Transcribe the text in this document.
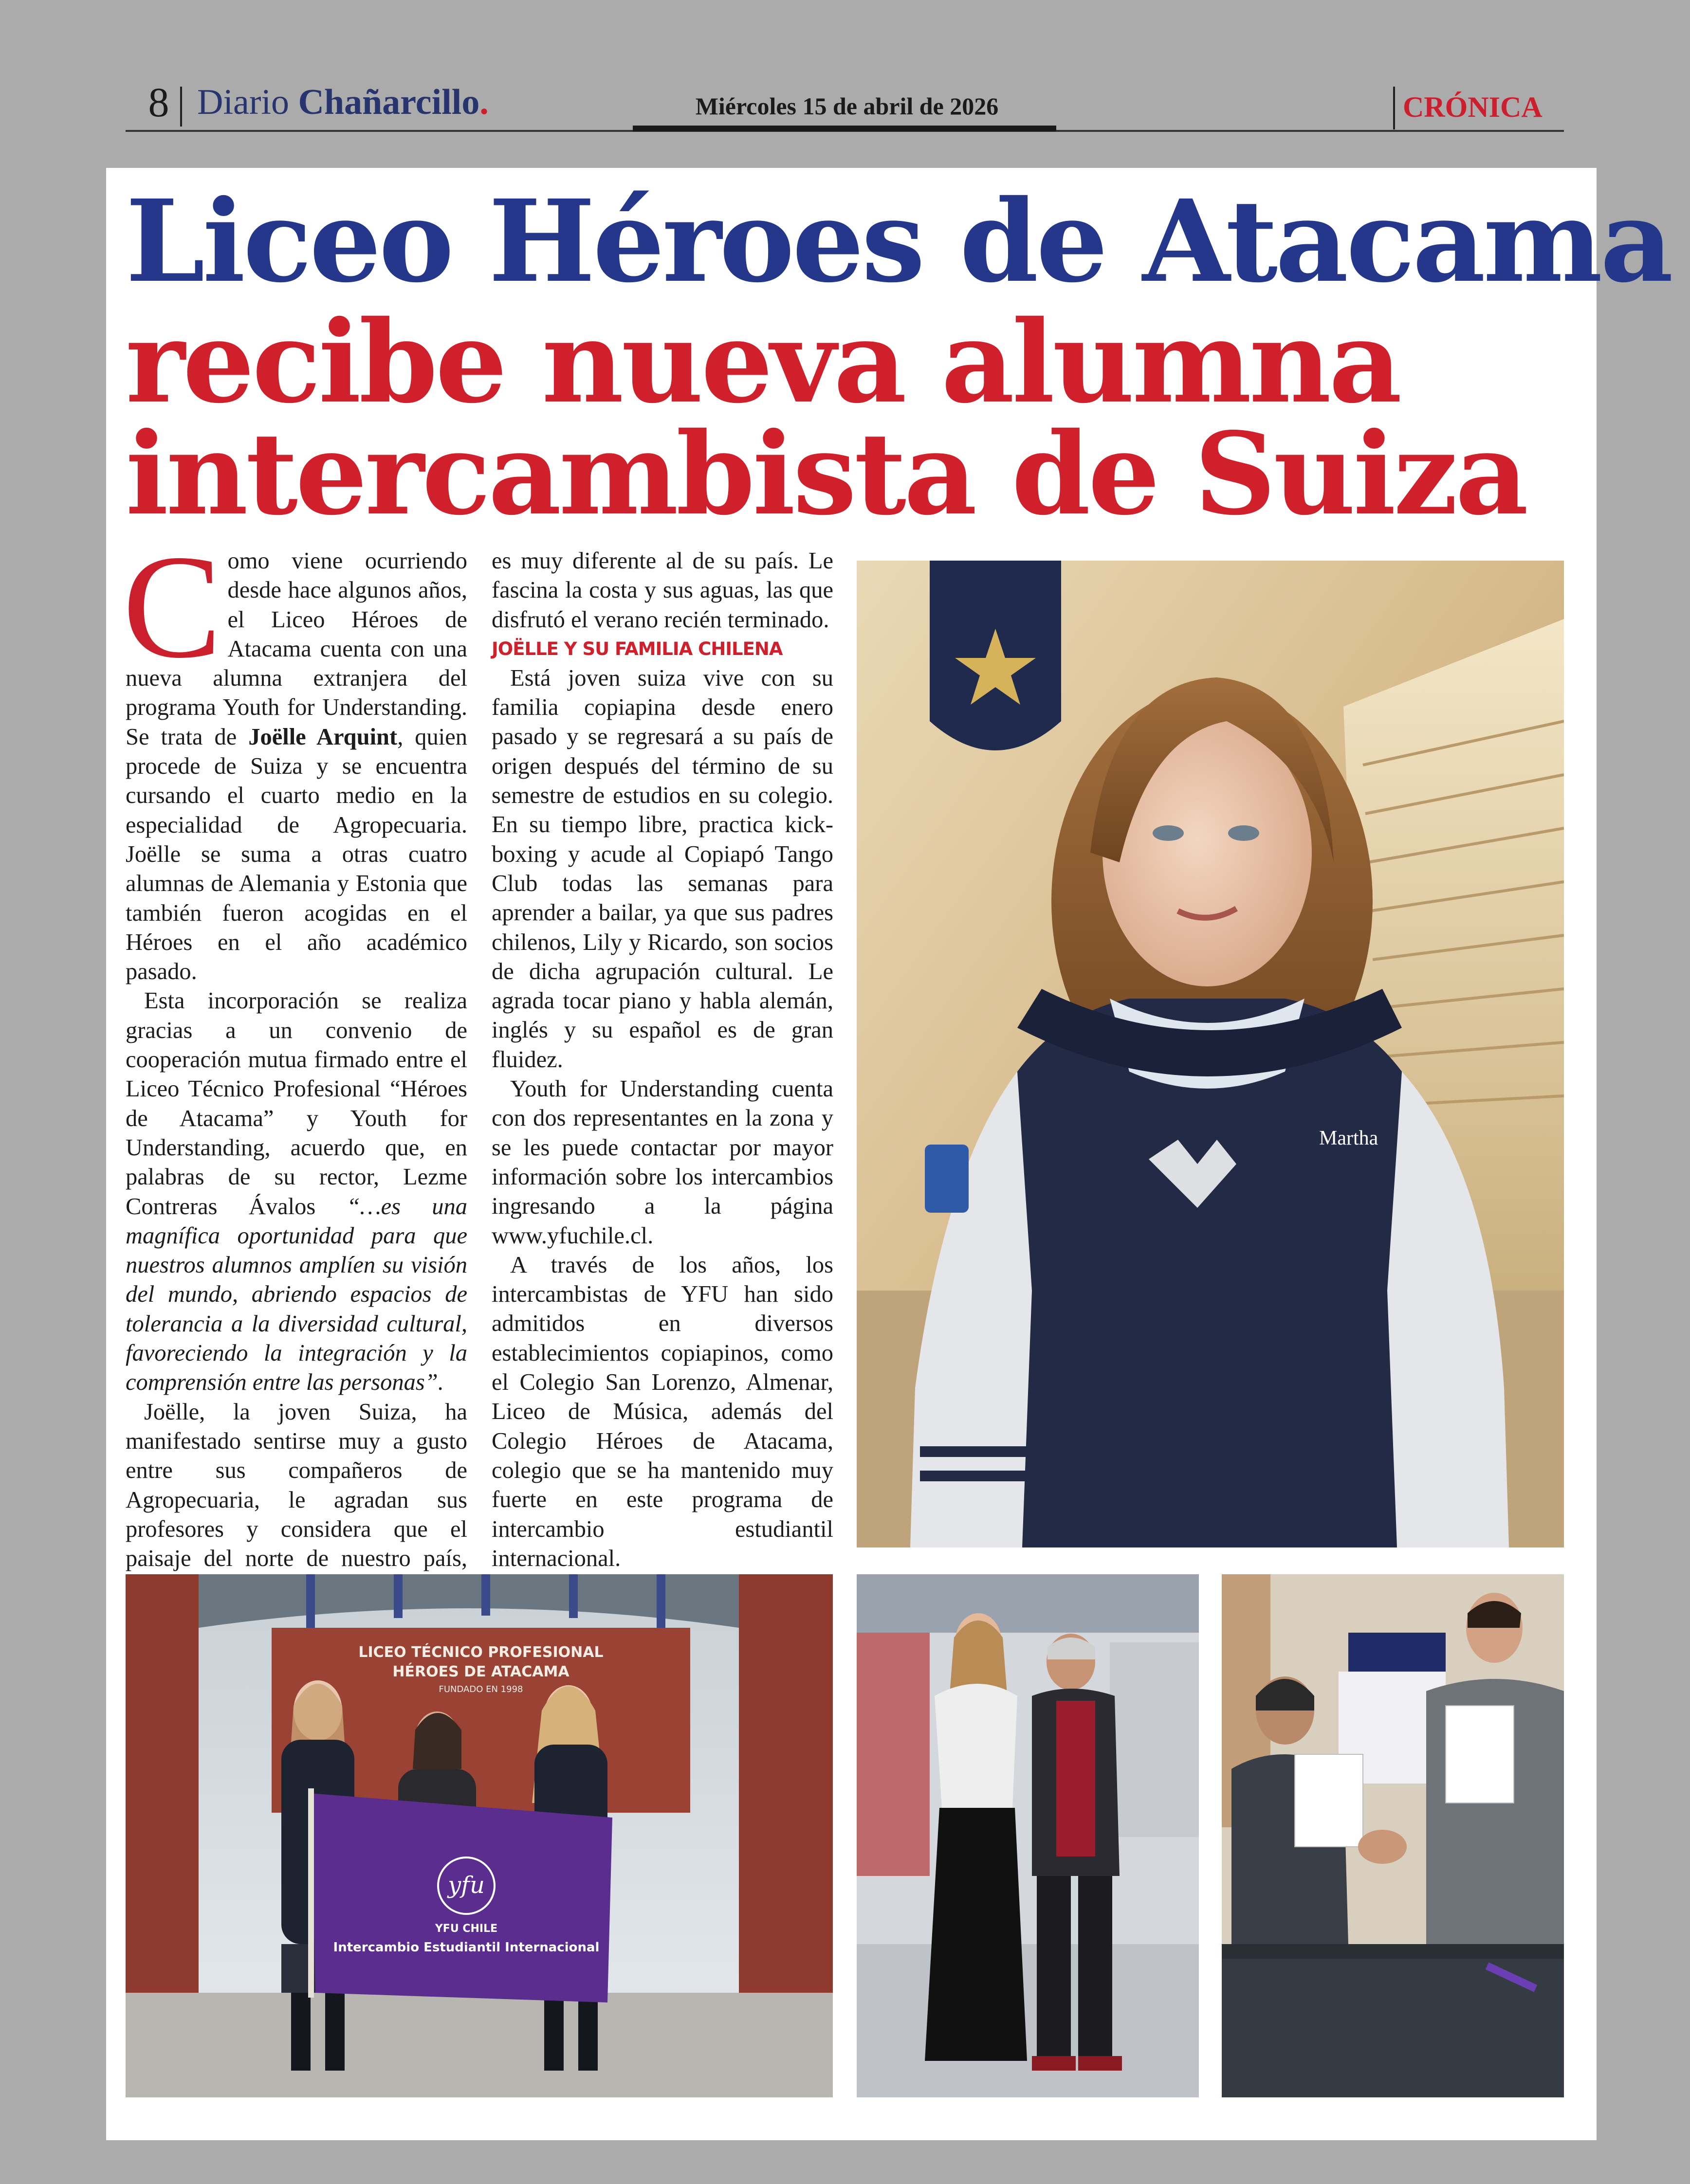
8 Diario Chañarcillo.	Miércoles 15 de abril de 2026	CRÓNICA
Liceo Héroes de Atacama
recibe nueva alumna
intercambista de Suiza

Como viene ocurriendo desde hace algunos años, el Liceo Héroes de Atacama cuenta con una nueva alumna extranjera del programa Youth for Understanding. Se trata de Joëlle Arquint, quien procede de Suiza y se encuentra cursando el cuarto medio en la especialidad de Agropecuaria. Joëlle se suma a otras cuatro alumnas de Alemania y Estonia que también fueron acogidas en el Héroes en el año académico pasado.

Esta incorporación se realiza gracias a un convenio de cooperación mutua firmado entre el Liceo Técnico Profesional “Héroes de Atacama” y Youth for Understanding, acuerdo que, en palabras de su rector, Lezme Contreras Ávalos “…es una magnífica oportunidad para que nuestros alumnos amplíen su visión del mundo, abriendo espacios de tolerancia a la diversidad cultural, favoreciendo la integración y la comprensión entre las personas”.

Joëlle, la joven Suiza, ha manifestado sentirse muy a gusto entre sus compañeros de Agropecuaria, le agradan sus profesores y considera que el paisaje del norte de nuestro país,

es muy diferente al de su país. Le fascina la costa y sus aguas, las que disfrutó el verano recién terminado.

JOËLLE Y SU FAMILIA CHILENA

Está joven suiza vive con su familia copiapina desde enero pasado y se regresará a su país de origen después del término de su semestre de estudios en su colegio. En su tiempo libre, practica kick-boxing y acude al Copiapó Tango Club todas las semanas para aprender a bailar, ya que sus padres chilenos, Lily y Ricardo, son socios de dicha agrupación cultural. Le agrada tocar piano y habla alemán, inglés y su español es de gran fluidez.

Youth for Understanding cuenta con dos representantes en la zona y se les puede contactar por mayor información sobre los intercambios ingresando a la página www.yfuchile.cl.

A través de los años, los intercambistas de YFU han sido admitidos en diversos establecimientos copiapinos, como el Colegio San Lorenzo, Almenar, Liceo de Música, además del Colegio Héroes de Atacama, colegio que se ha mantenido muy fuerte en este programa de intercambio estudiantil internacional.

Martha
LICEO TÉCNICO PROFESIONAL
HÉROES DE ATACAMA
FUNDADO EN 1998
yfu
YFU CHILE
Intercambio Estudiantil Internacional
